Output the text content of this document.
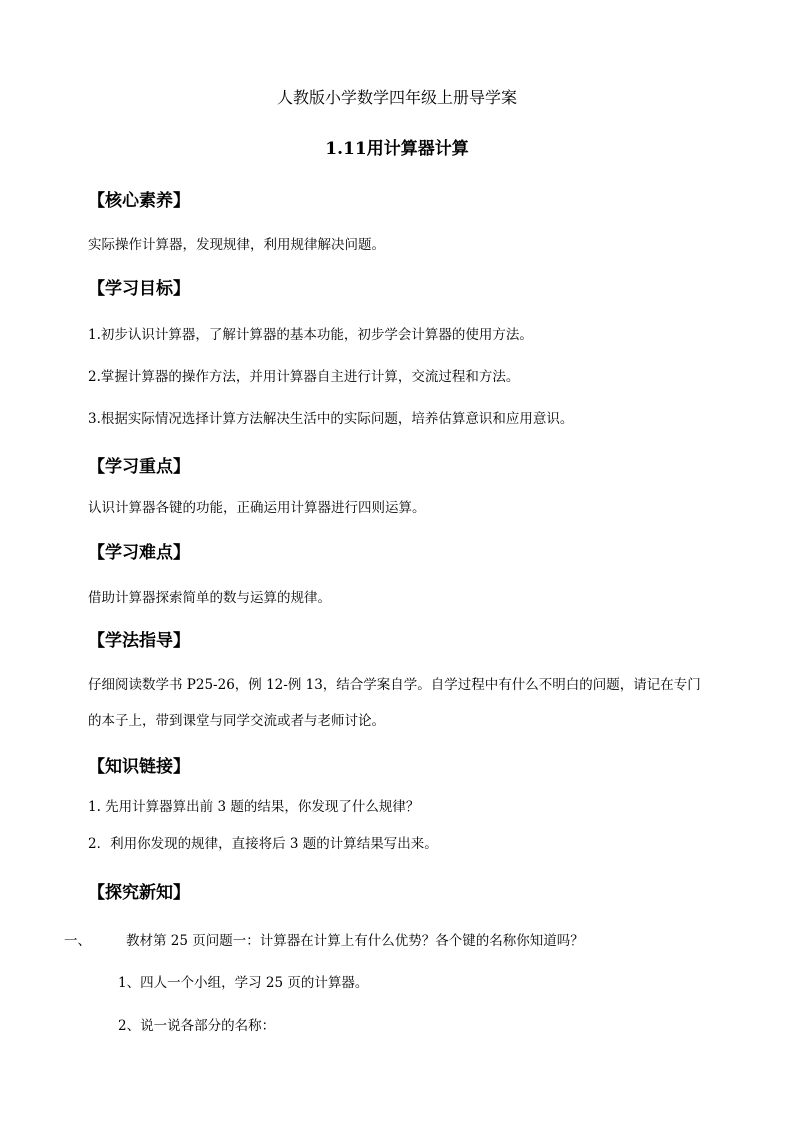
人教版小学数学四年级上册导学案
1.11用计算器计算
【核心素养】

实际操作计算器，发现规律，利用规律解决问题。

【学习目标】

1.初步认识计算器，了解计算器的基本功能，初步学会计算器的使用方法。

2.掌握计算器的操作方法，并用计算器自主进行计算，交流过程和方法。

3.根据实际情况选择计算方法解决生活中的实际问题，培养估算意识和应用意识。

【学习重点】

认识计算器各键的功能，正确运用计算器进行四则运算。

【学习难点】

借助计算器探索简单的数与运算的规律。

【学法指导】

仔细阅读数学书 P25-26，例 12-例 13，结合学案自学。自学过程中有什么不明白的问题，请记在专门的本子上，带到课堂与同学交流或者与老师讨论。

【知识链接】

1. 先用计算器算出前 3 题的结果，你发现了什么规律？

2．利用你发现的规律，直接将后 3 题的计算结果写出来。

【探究新知】

一、	教材第 25 页问题一：计算器在计算上有什么优势？各个键的名称你知道吗？

1、四人一个小组，学习 25 页的计算器。

2、说一说各部分的名称：
